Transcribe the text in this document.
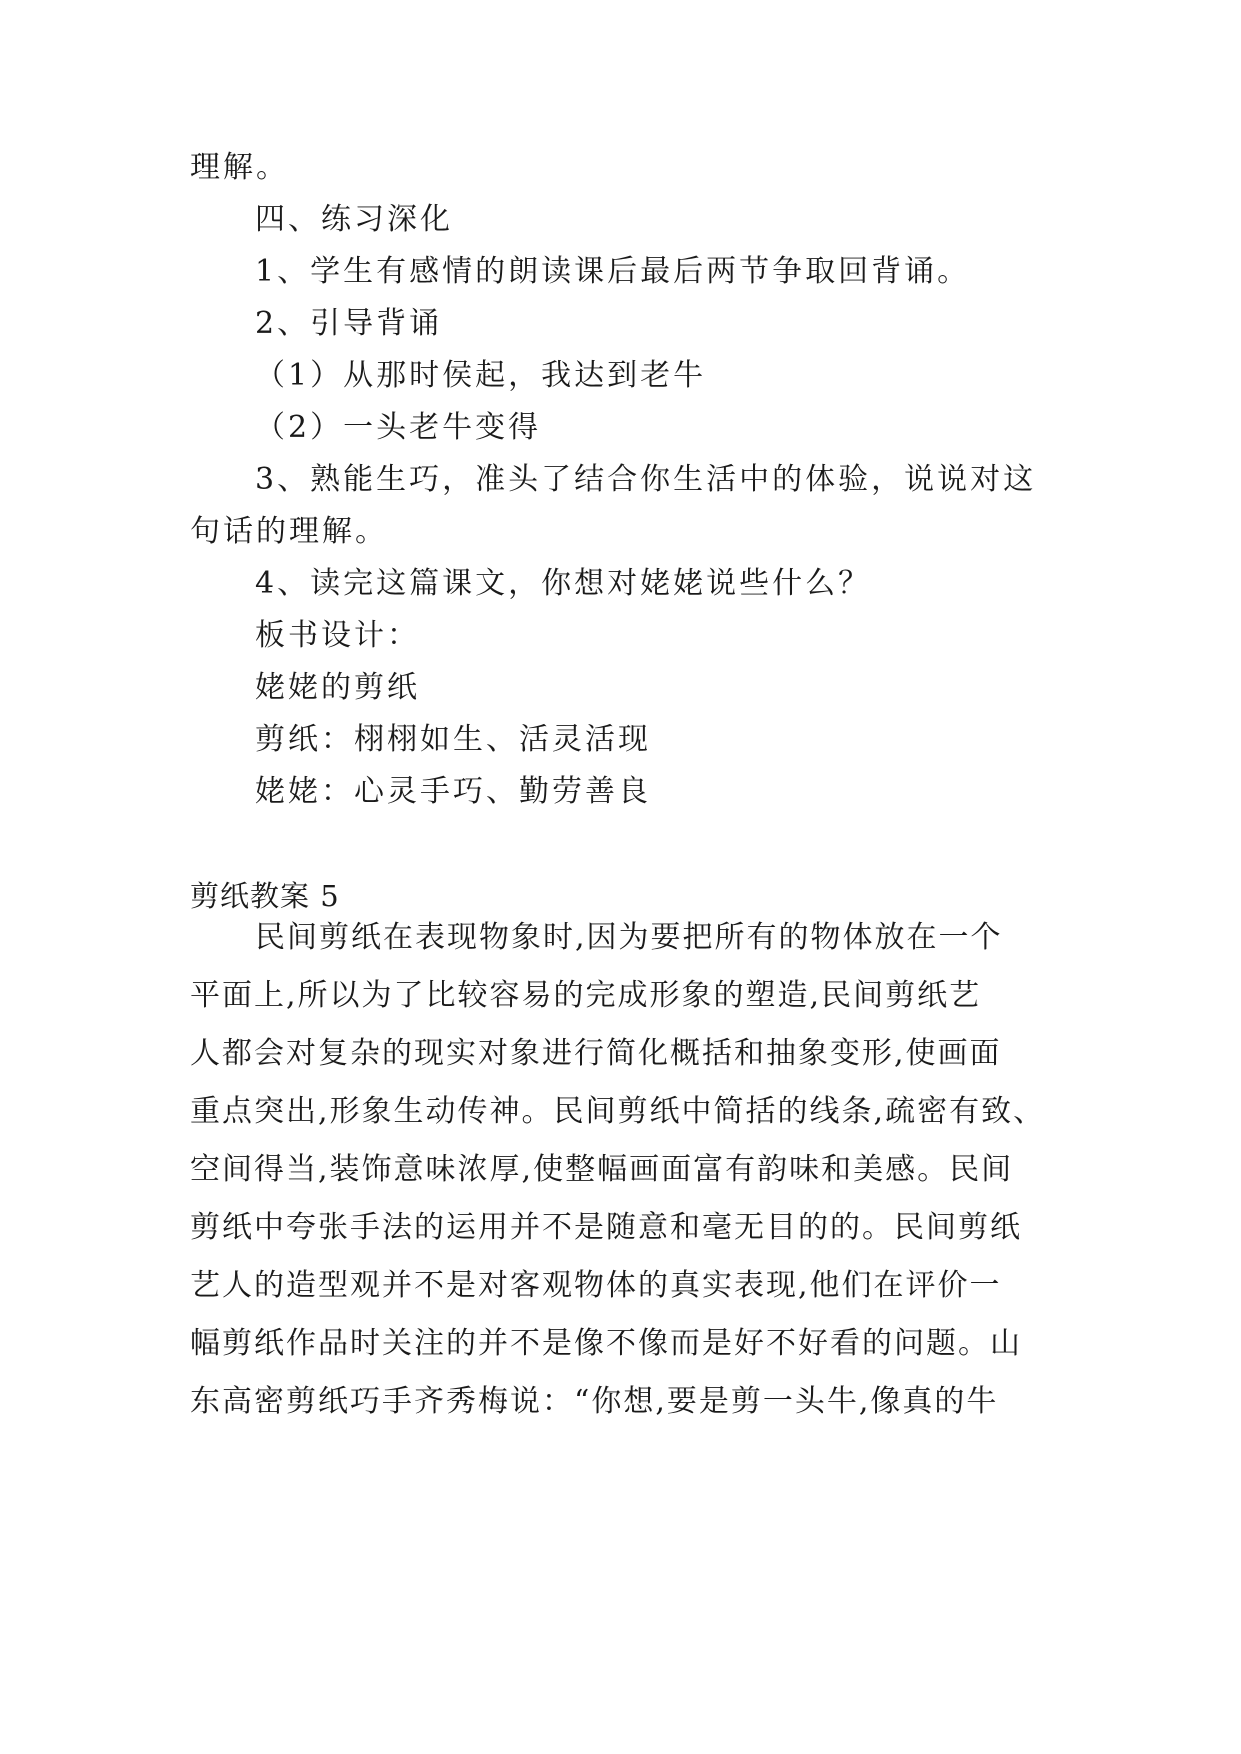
理解。
四、练习深化
1、学生有感情的朗读课后最后两节争取回背诵。
2、引导背诵
（1）从那时侯起，我达到老牛
（2）一头老牛变得
3、熟能生巧，准头了结合你生活中的体验，说说对这
句话的理解。
4、读完这篇课文，你想对姥姥说些什么？
板书设计：
姥姥的剪纸
剪纸：栩栩如生、活灵活现
姥姥：心灵手巧、勤劳善良
剪纸教案 5
民间剪纸在表现物象时,因为要把所有的物体放在一个
平面上,所以为了比较容易的完成形象的塑造,民间剪纸艺
人都会对复杂的现实对象进行简化概括和抽象变形,使画面
重点突出,形象生动传神。民间剪纸中简括的线条,疏密有致、
空间得当,装饰意味浓厚,使整幅画面富有韵味和美感。民间
剪纸中夸张手法的运用并不是随意和毫无目的的。民间剪纸
艺人的造型观并不是对客观物体的真实表现,他们在评价一
幅剪纸作品时关注的并不是像不像而是好不好看的问题。山
东高密剪纸巧手齐秀梅说：“你想,要是剪一头牛,像真的牛
